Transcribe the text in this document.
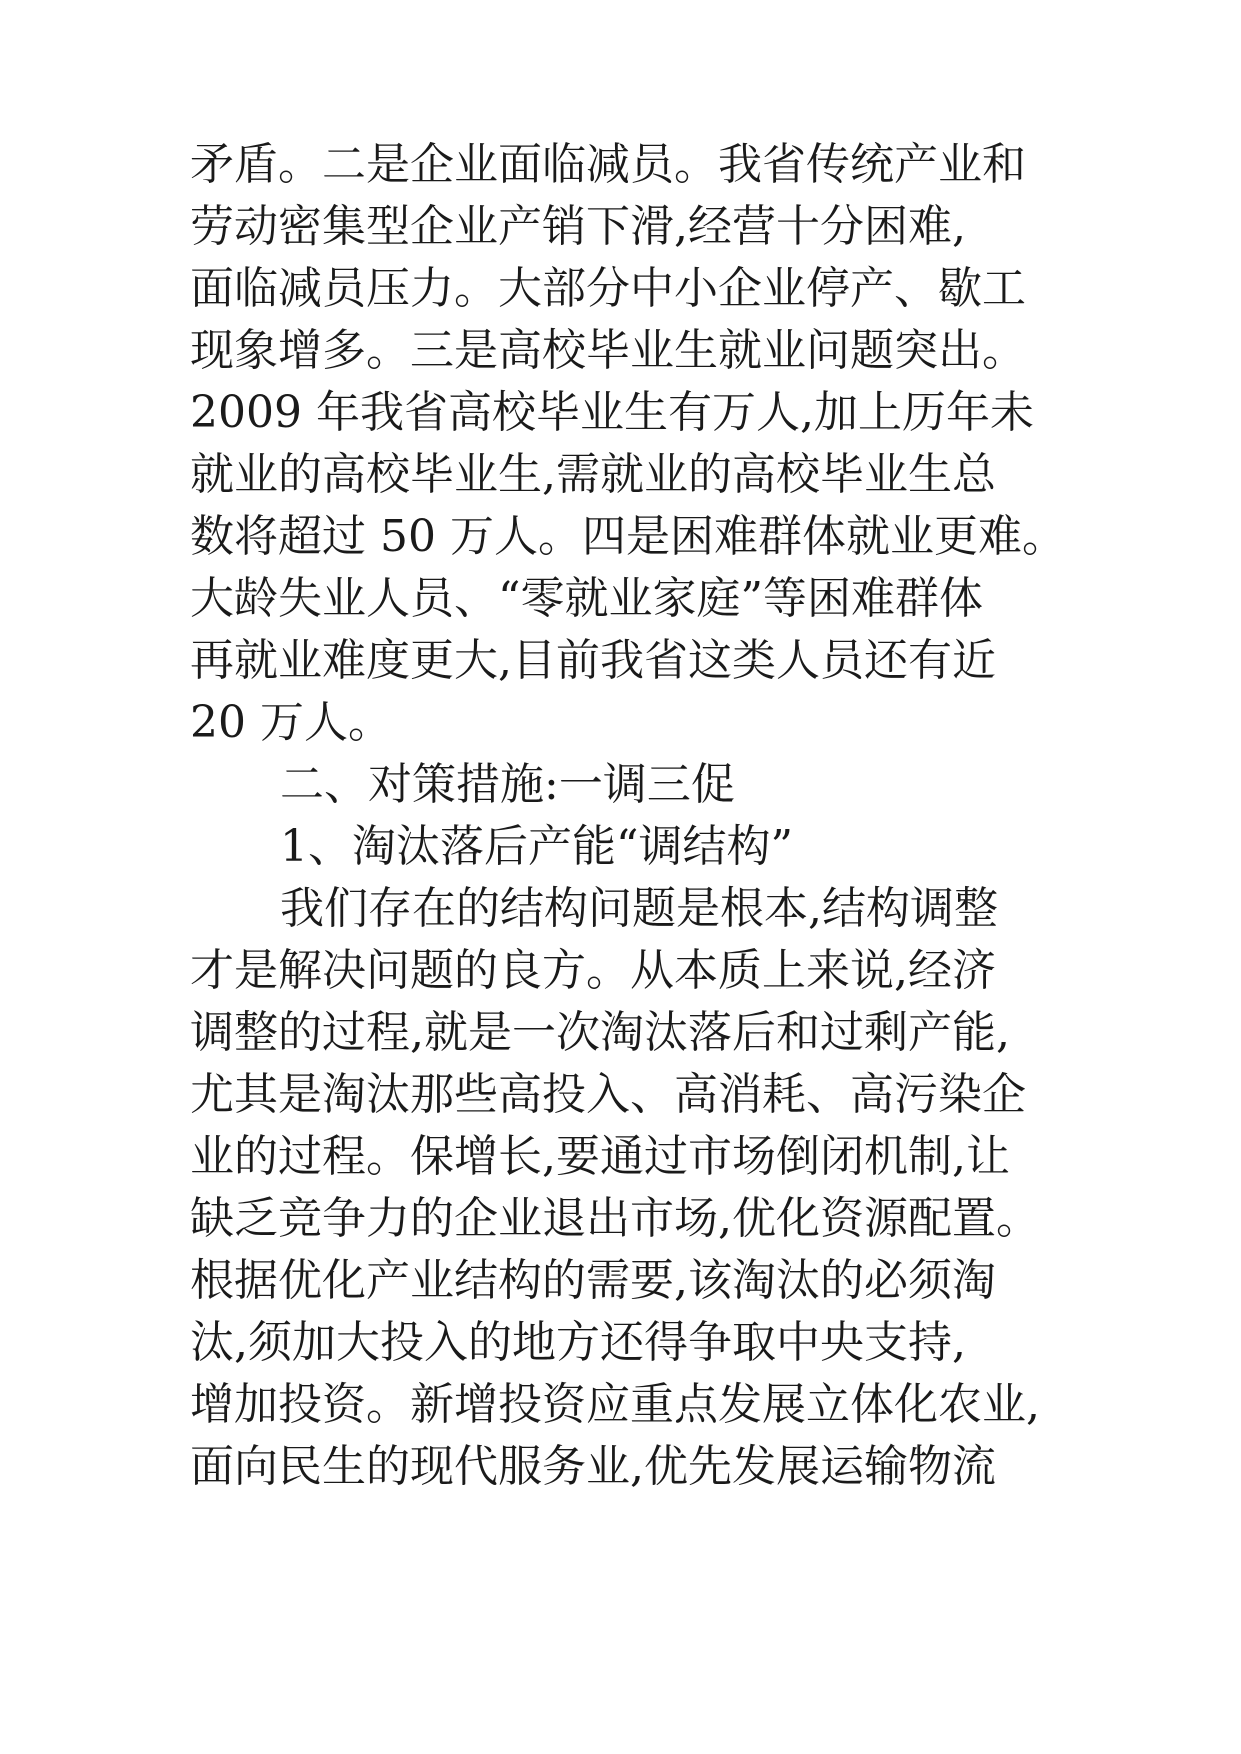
矛盾。二是企业面临减员。我省传统产业和
劳动密集型企业产销下滑,经营十分困难,
面临减员压力。大部分中小企业停产、歇工
现象增多。三是高校毕业生就业问题突出。
2009 年我省高校毕业生有万人,加上历年未
就业的高校毕业生,需就业的高校毕业生总
数将超过 50 万人。四是困难群体就业更难。
大龄失业人员、“零就业家庭”等困难群体
再就业难度更大,目前我省这类人员还有近
20 万人。
二、对策措施:一调三促
1、淘汰落后产能“调结构”
我们存在的结构问题是根本,结构调整
才是解决问题的良方。从本质上来说,经济
调整的过程,就是一次淘汰落后和过剩产能,
尤其是淘汰那些高投入、高消耗、高污染企
业的过程。保增长,要通过市场倒闭机制,让
缺乏竞争力的企业退出市场,优化资源配置。
根据优化产业结构的需要,该淘汰的必须淘
汰,须加大投入的地方还得争取中央支持,
增加投资。新增投资应重点发展立体化农业,
面向民生的现代服务业,优先发展运输物流
